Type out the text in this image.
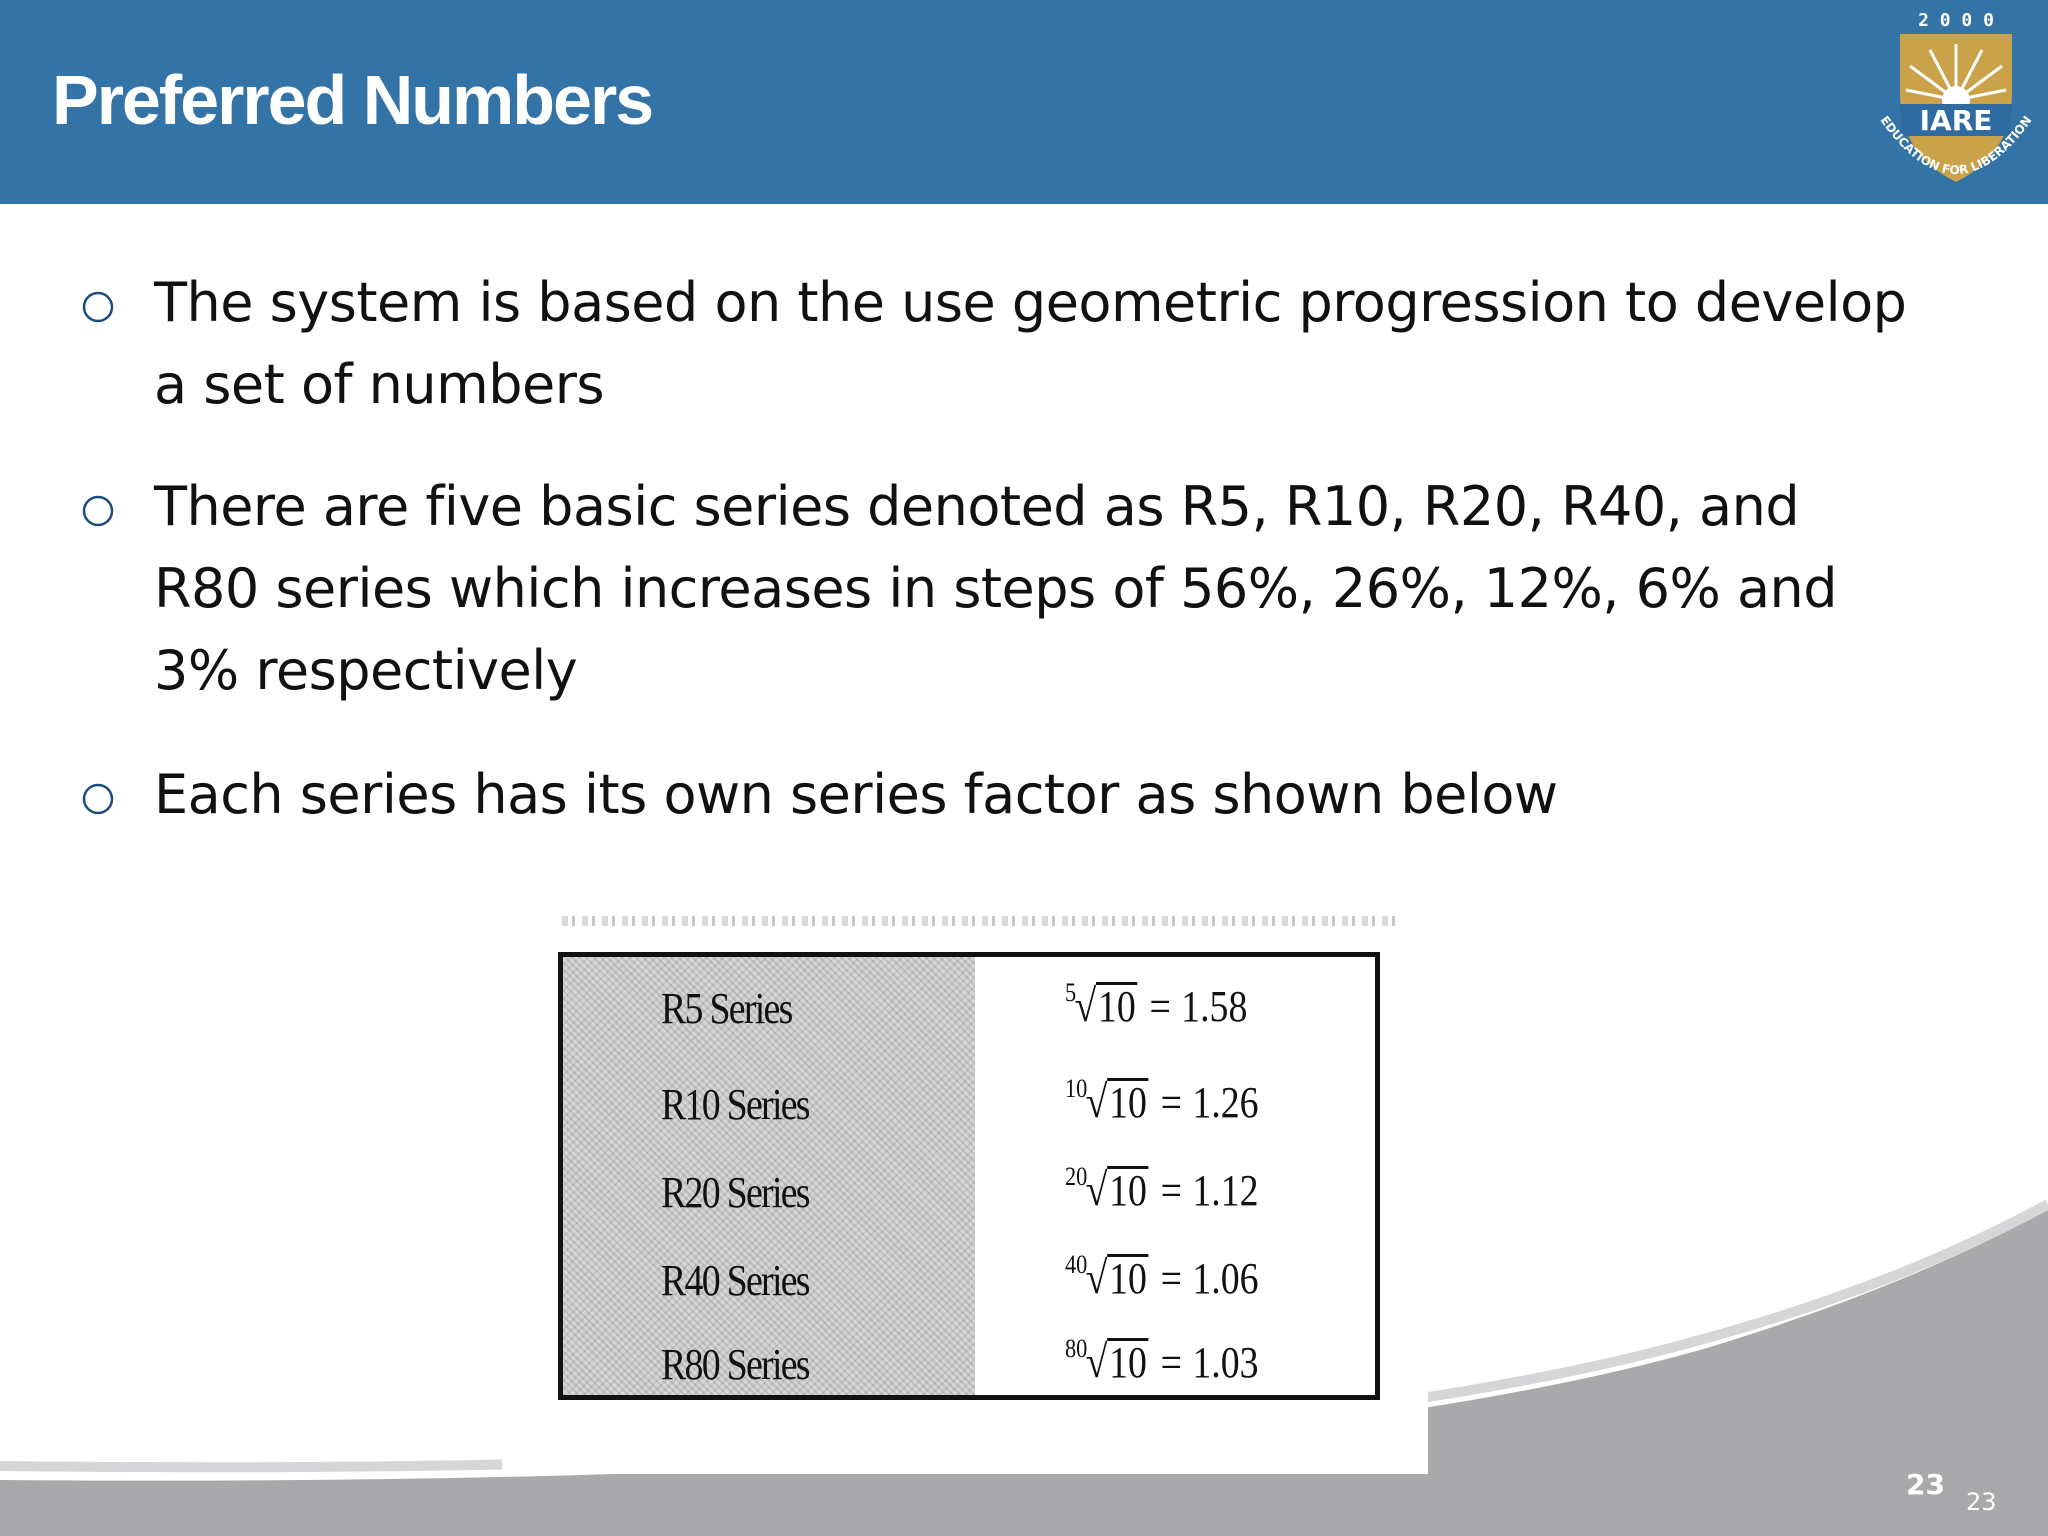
Preferred Numbers
2 0 0 0
IARE
EDUCATION FOR LIBERATION
The system is based on the use geometric progression to develop a set of numbers
There are five basic series denoted as R5, R10, R20, R40, and R80 series which increases in steps of 56%, 26%, 12%, 6% and 3% respectively
Each series has its own series factor as shown below
R5 Series
R10 Series
R20 Series
R40 Series
R80 Series
5
√ 10 = 1.58
10
√ 10 = 1.26
20
√ 10 = 1.12
40
√ 10 = 1.06
80
√ 10 = 1.03
23
23
